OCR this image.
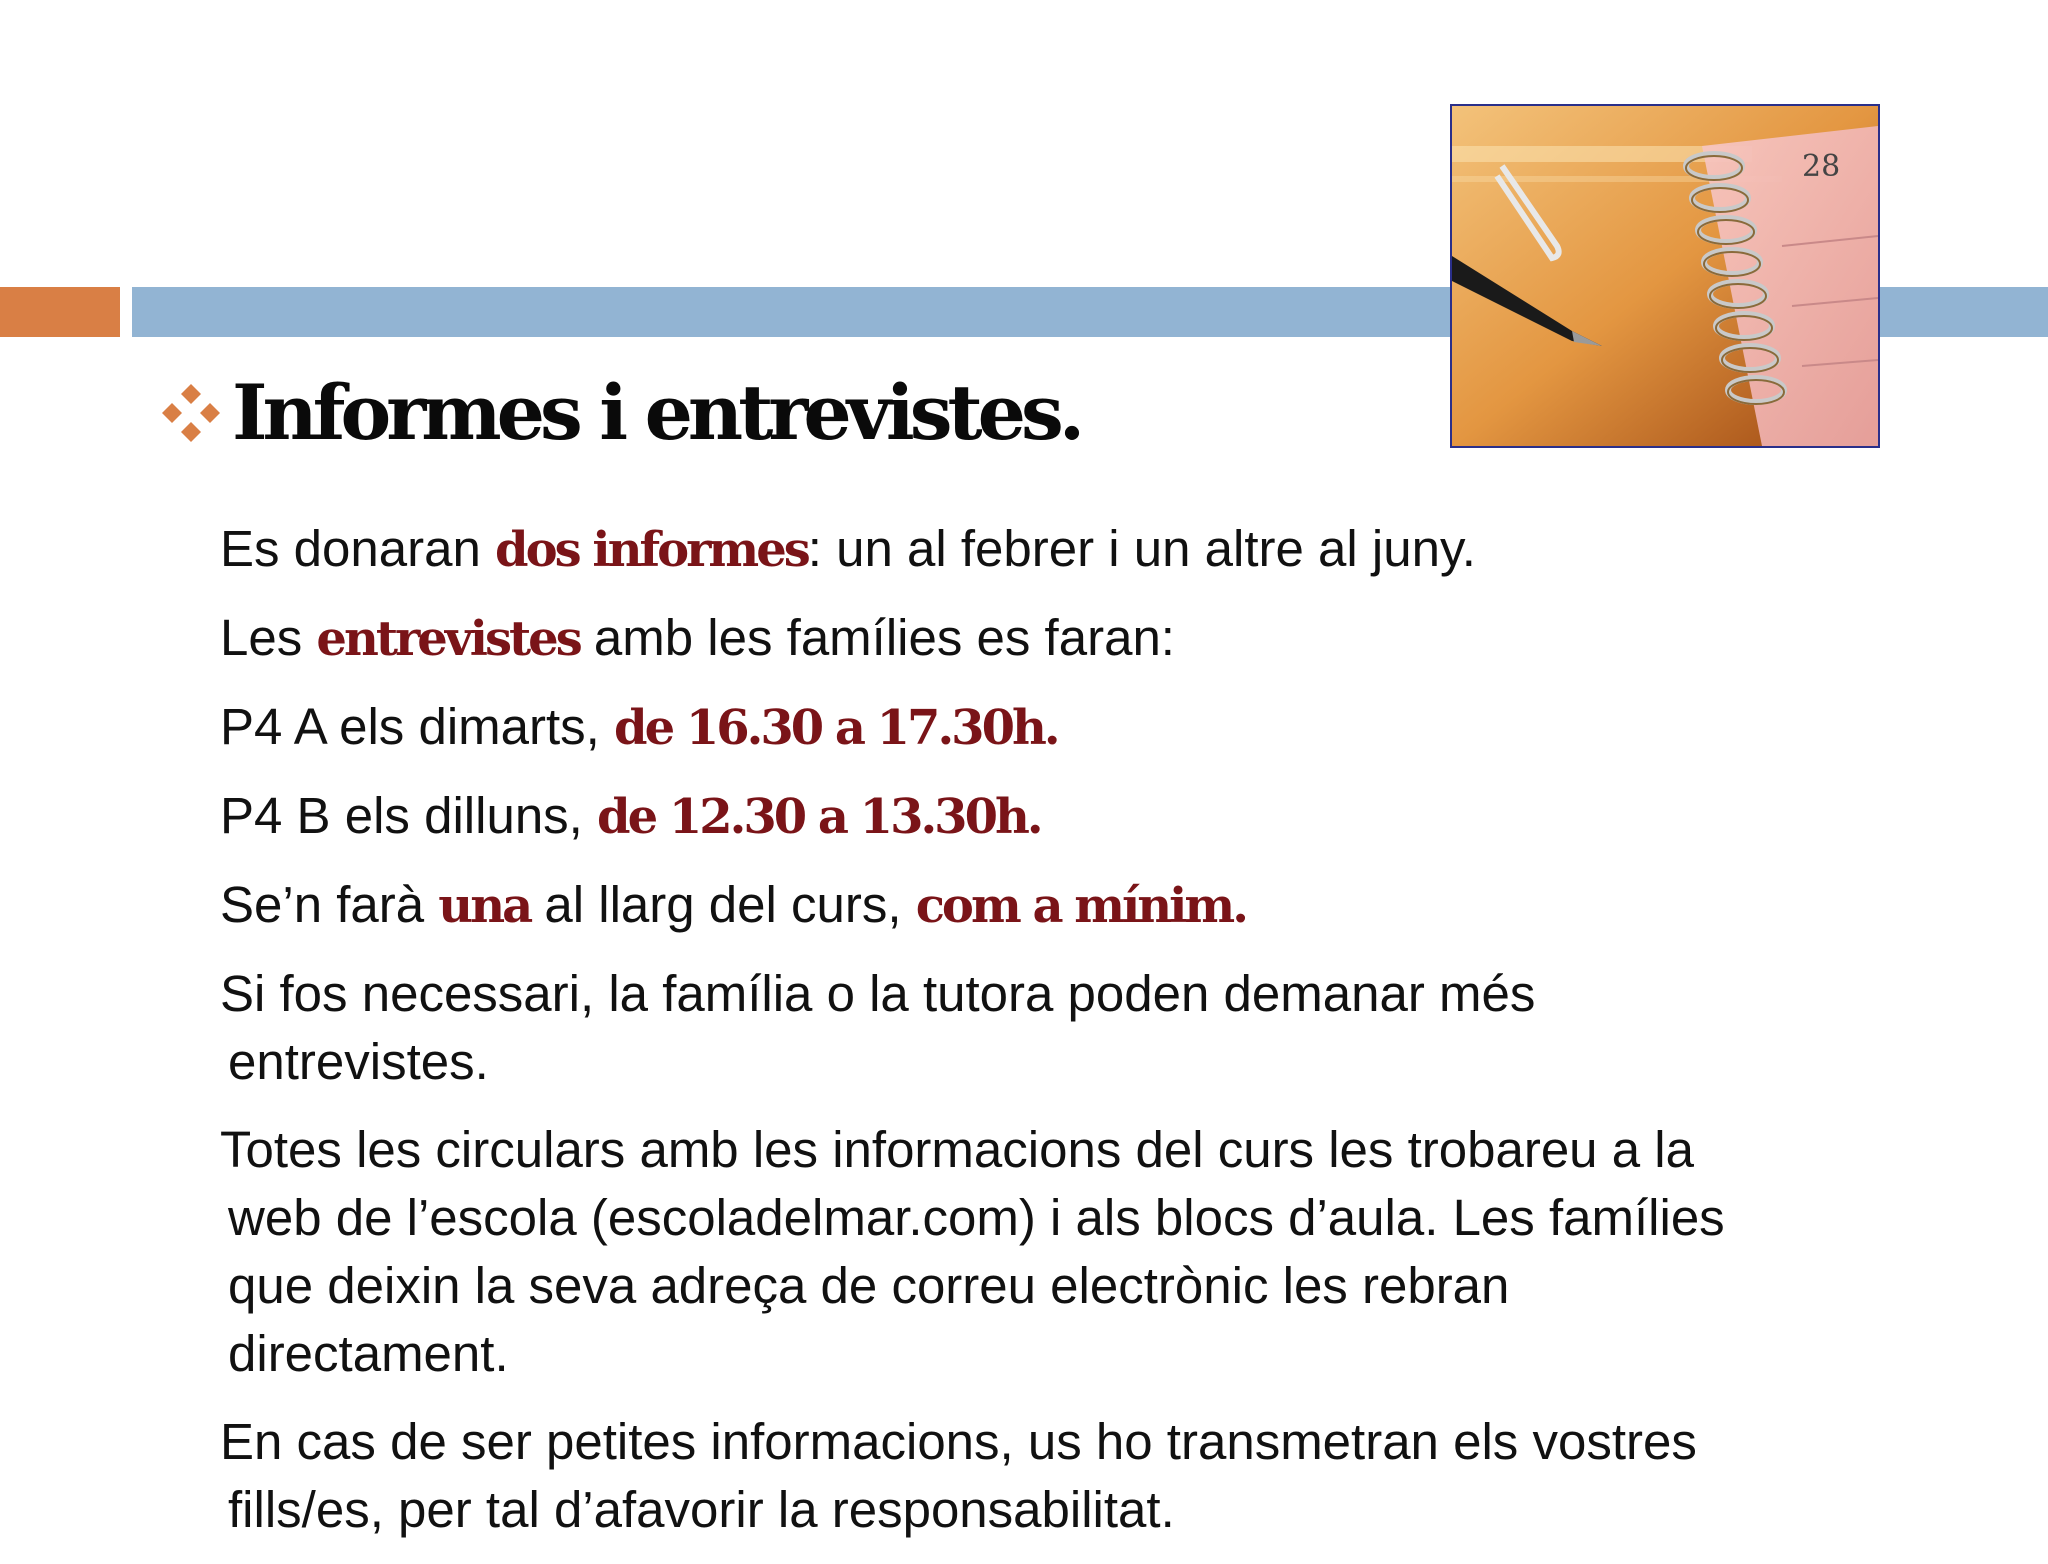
28
Informes i entrevistes.

Es donaran dos informes: un al febrer i un altre al juny.

Les entrevistes amb les famílies es faran:

P4 A els dimarts, de 16.30 a 17.30h.

P4 B els dilluns, de 12.30 a 13.30h.

Se’n farà una al llarg del curs, com a mínim.

Si fos necessari, la família o la tutora poden demanar més
entrevistes.

Totes les circulars amb les informacions del curs les trobareu a la
web de l’escola (escoladelmar.com) i als blocs d’aula. Les famílies
que deixin la seva adreça de correu electrònic les rebran
directament.

En cas de ser petites informacions, us ho transmetran els vostres
fills/es, per tal d’afavorir la responsabilitat.
